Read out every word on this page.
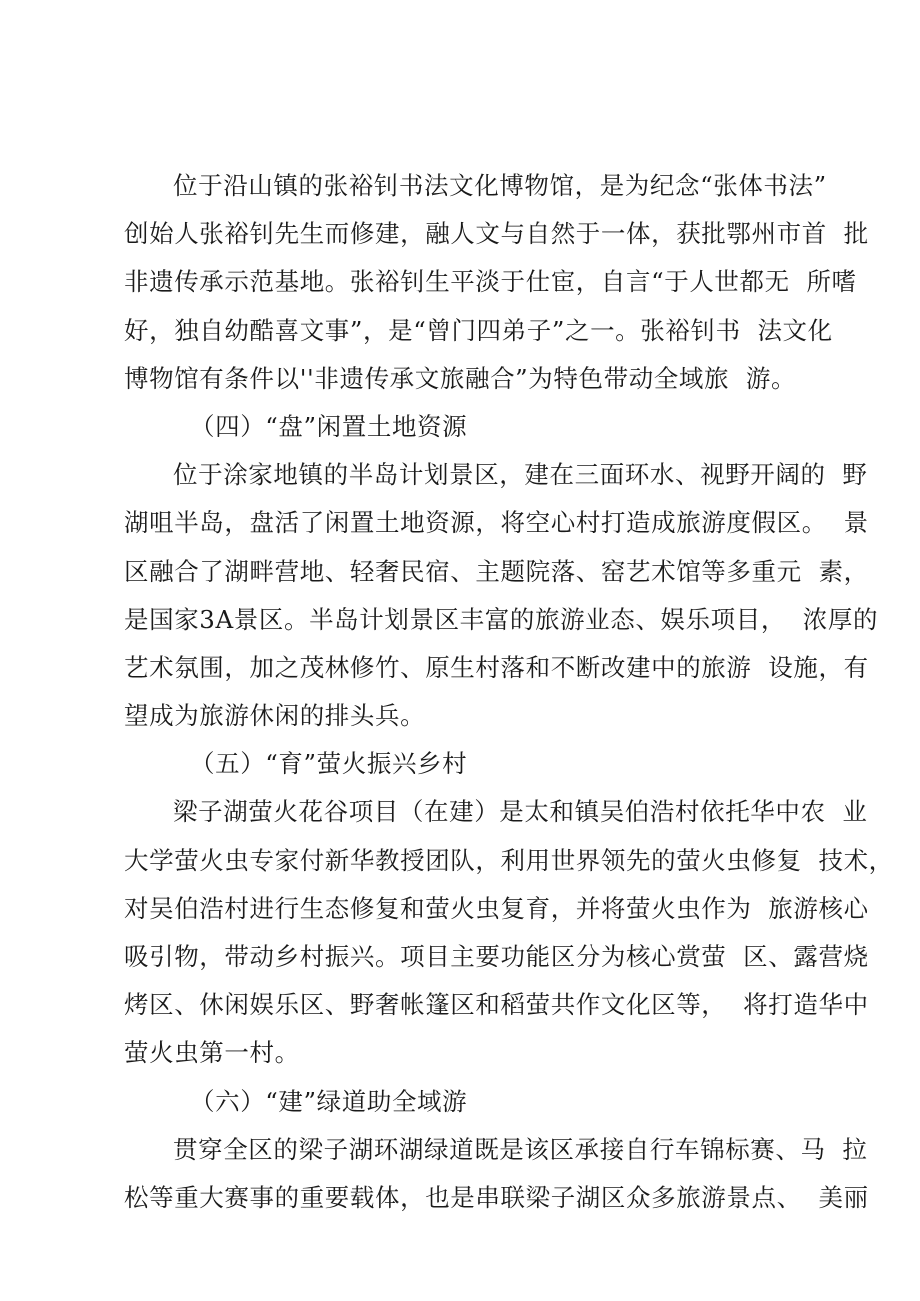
位于沿山镇的张裕钊书法文化博物馆，是为纪念“张体书法”
创始人张裕钊先生而修建，融人文与自然于一体，获批鄂州市首  批
非遗传承示范基地。张裕钊生平淡于仕宦，自言“于人世都无  所嗜
好，独自幼酷喜文事”，是“曾门四弟子”之一。张裕钊书  法文化
博物馆有条件以''非遗传承文旅融合”为特色带动全域旅  游。
（四）“盘”闲置土地资源
位于涂家地镇的半岛计划景区，建在三面环水、视野开阔的  野
湖咀半岛，盘活了闲置土地资源，将空心村打造成旅游度假区。  景
区融合了湖畔营地、轻奢民宿、主题院落、窑艺术馆等多重元  素，
是国家3A景区。半岛计划景区丰富的旅游业态、娱乐项目，  浓厚的
艺术氛围，加之茂林修竹、原生村落和不断改建中的旅游  设施，有
望成为旅游休闲的排头兵。
（五）“育”萤火振兴乡村
梁子湖萤火花谷项目（在建）是太和镇吴伯浩村依托华中农  业
大学萤火虫专家付新华教授团队，利用世界领先的萤火虫修复  技术，
对吴伯浩村进行生态修复和萤火虫复育，并将萤火虫作为  旅游核心
吸引物，带动乡村振兴。项目主要功能区分为核心赏萤  区、露营烧
烤区、休闲娱乐区、野奢帐篷区和稻萤共作文化区等，  将打造华中
萤火虫第一村。
（六）“建”绿道助全域游
贯穿全区的梁子湖环湖绿道既是该区承接自行车锦标赛、马  拉
松等重大赛事的重要载体，也是串联梁子湖区众多旅游景点、  美丽
